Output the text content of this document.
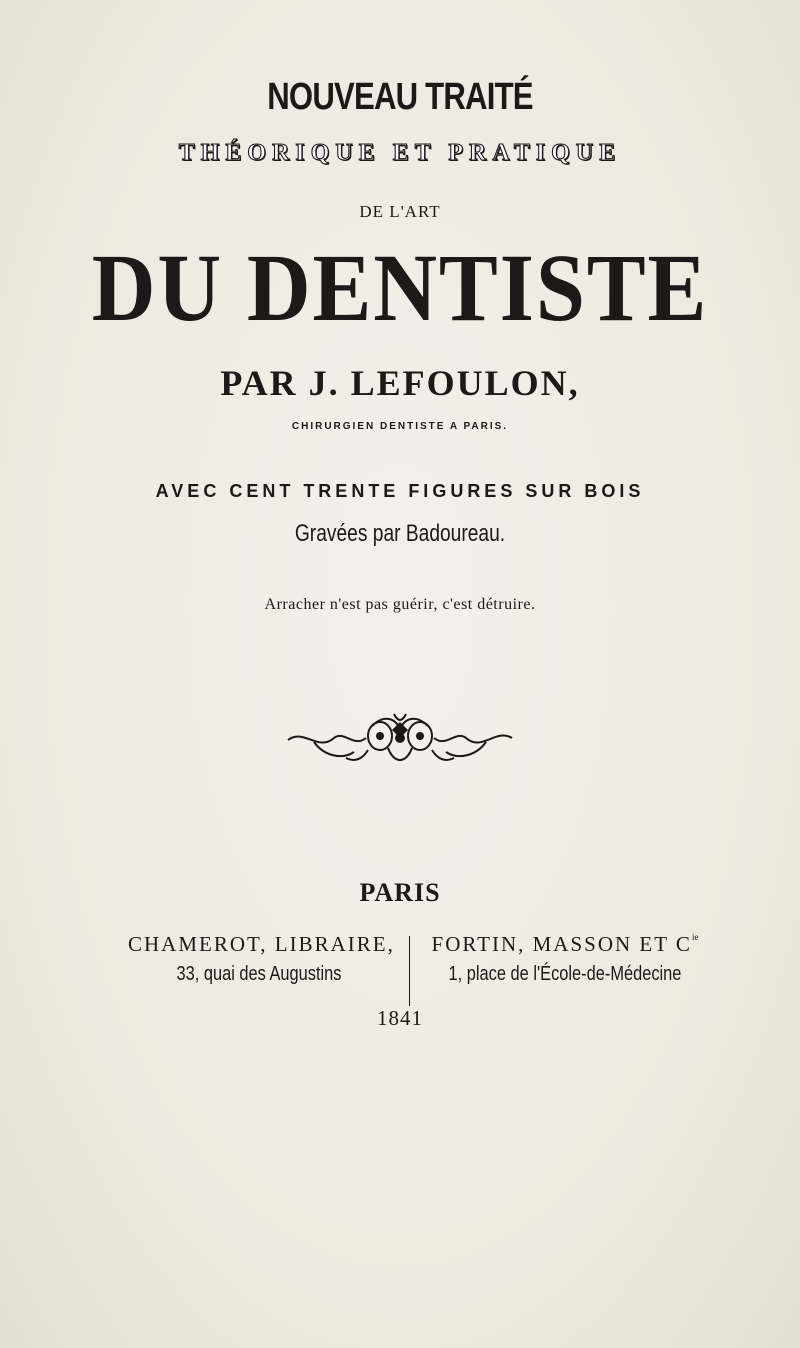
NOUVEAU TRAITÉ
THÉORIQUE ET PRATIQUE
DE L'ART
DU DENTISTE
PAR J. LEFOULON,
CHIRURGIEN DENTISTE A PARIS.
AVEC CENT TRENTE FIGURES SUR BOIS
Gravées par Badoureau.
Arracher n'est pas guérir, c'est détruire.
PARIS
CHAMEROT, LIBRAIRE,
33, quai des Augustins
FORTIN, MASSON ET $C^{ie}$
1, place de l'École-de-Médecine
1841
